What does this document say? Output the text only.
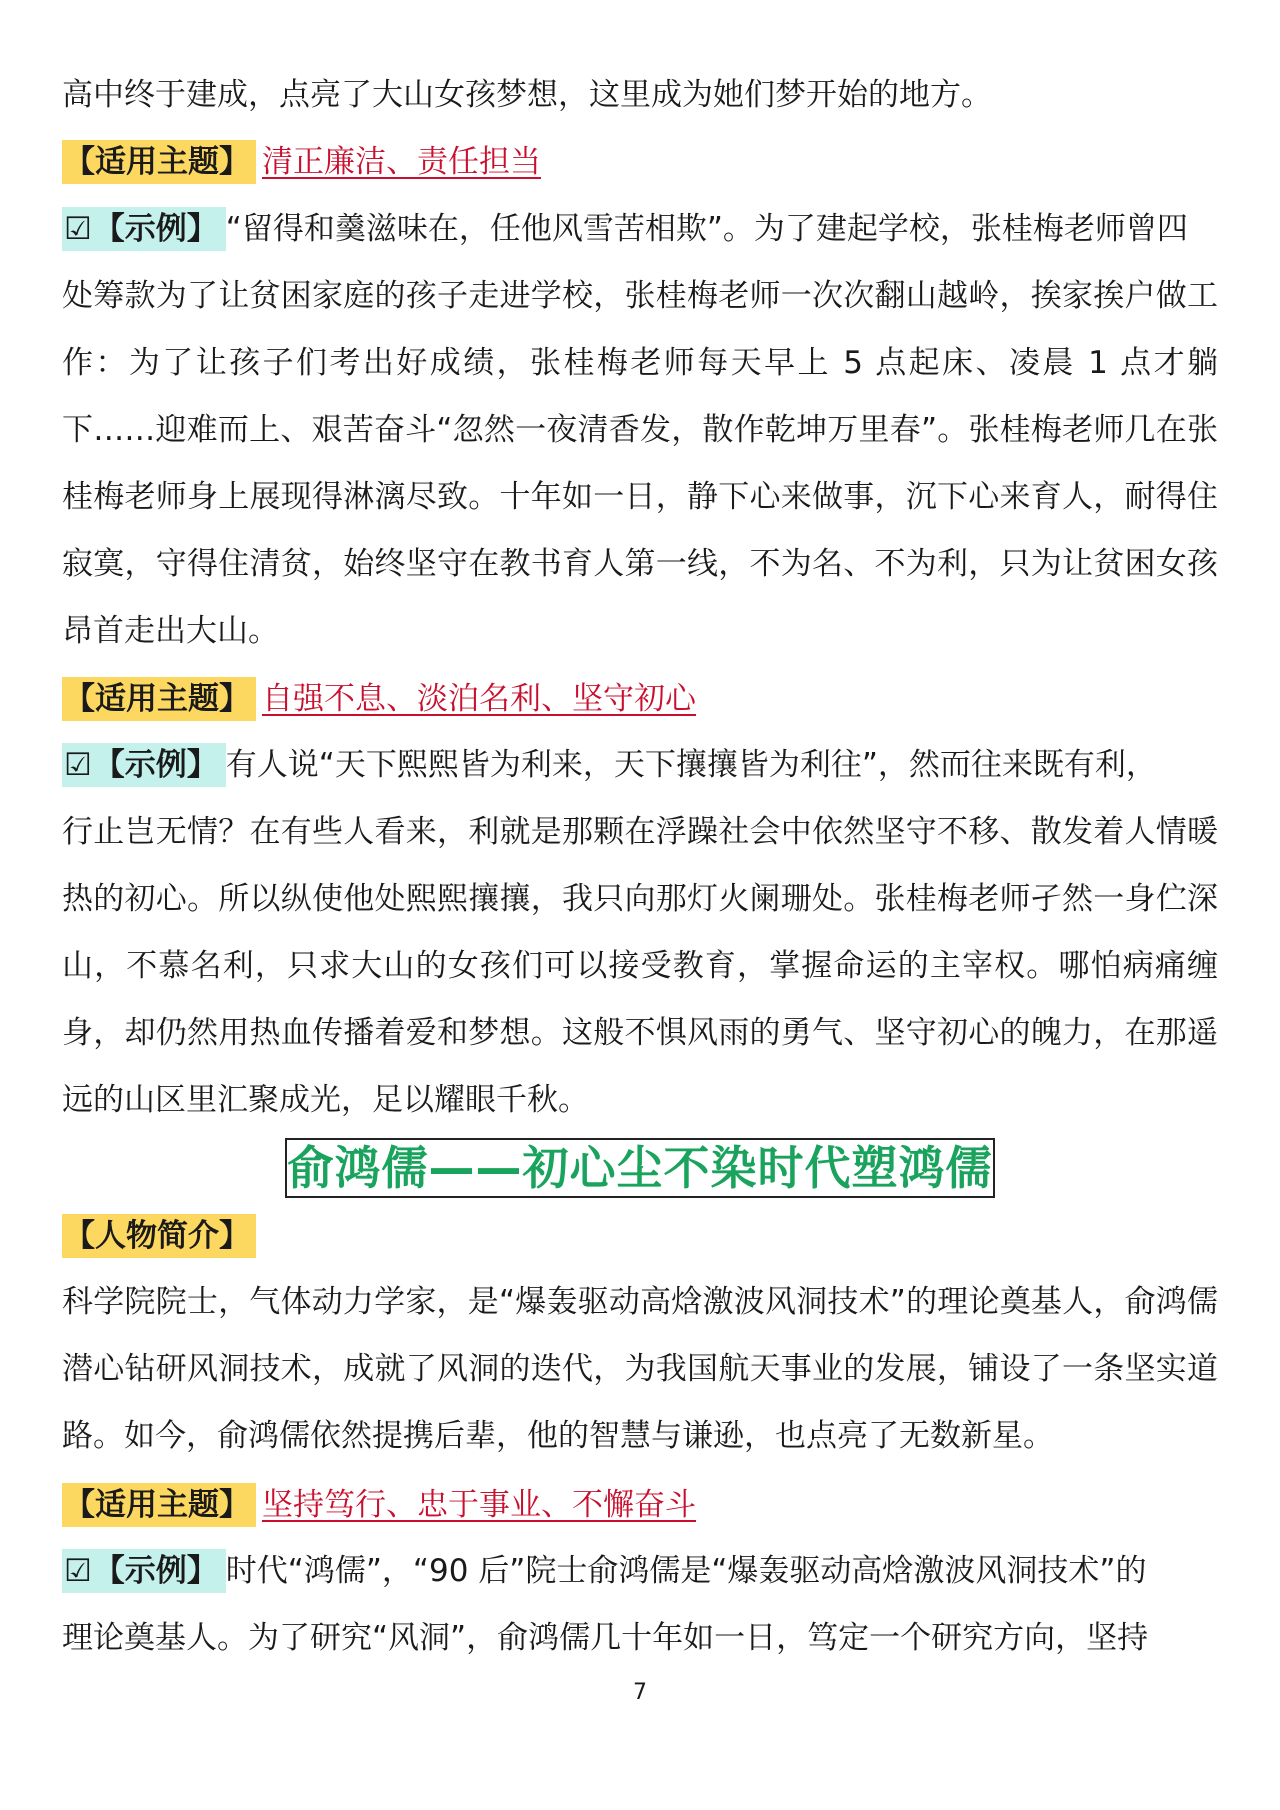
高中终于建成，点亮了大山女孩梦想，这里成为她们梦开始的地方。

【适用主题】 清正廉洁、责任担当
☑【示例】 “留得和羹滋味在，任他风雪苦相欺”。为了建起学校，张桂梅老师曾四

处筹款为了让贫困家庭的孩子走进学校，张桂梅老师一次次翻山越岭，挨家挨户做工作：为了让孩子们考出好成绩，张桂梅老师每天早上 5 点起床、凌晨 1 点才躺下……迎难而上、艰苦奋斗“忽然一夜清香发，散作乾坤万里春”。张桂梅老师几在张桂梅老师身上展现得淋漓尽致。十年如一日，静下心来做事，沉下心来育人，耐得住寂寞，守得住清贫，始终坚守在教书育人第一线，不为名、不为利，只为让贫困女孩昂首走出大山。

【适用主题】 自强不息、淡泊名利、坚守初心
☑【示例】 有人说“天下熙熙皆为利来，天下攘攘皆为利往”，然而往来既有利，

行止岂无情？在有些人看来，利就是那颗在浮躁社会中依然坚守不移、散发着人情暖热的初心。所以纵使他处熙熙攘攘，我只向那灯火阑珊处。张桂梅老师孑然一身伫深山，不慕名利，只求大山的女孩们可以接受教育，掌握命运的主宰权。哪怕病痛缠身，却仍然用热血传播着爱和梦想。这般不惧风雨的勇气、坚守初心的魄力，在那遥远的山区里汇聚成光，足以耀眼千秋。

俞鸿儒——初心尘不染时代塑鸿儒
【人物简介】

科学院院士，气体动力学家，是“爆轰驱动高焓激波风洞技术”的理论奠基人，俞鸿儒潜心钻研风洞技术，成就了风洞的迭代，为我国航天事业的发展，铺设了一条坚实道路。如今，俞鸿儒依然提携后辈，他的智慧与谦逊，也点亮了无数新星。

【适用主题】 坚持笃行、忠于事业、不懈奋斗
☑【示例】 时代“鸿儒”，“90 后”院士俞鸿儒是“爆轰驱动高焓激波风洞技术”的

理论奠基人。为了研究“风洞”，俞鸿儒几十年如一日，笃定一个研究方向，坚持

7
